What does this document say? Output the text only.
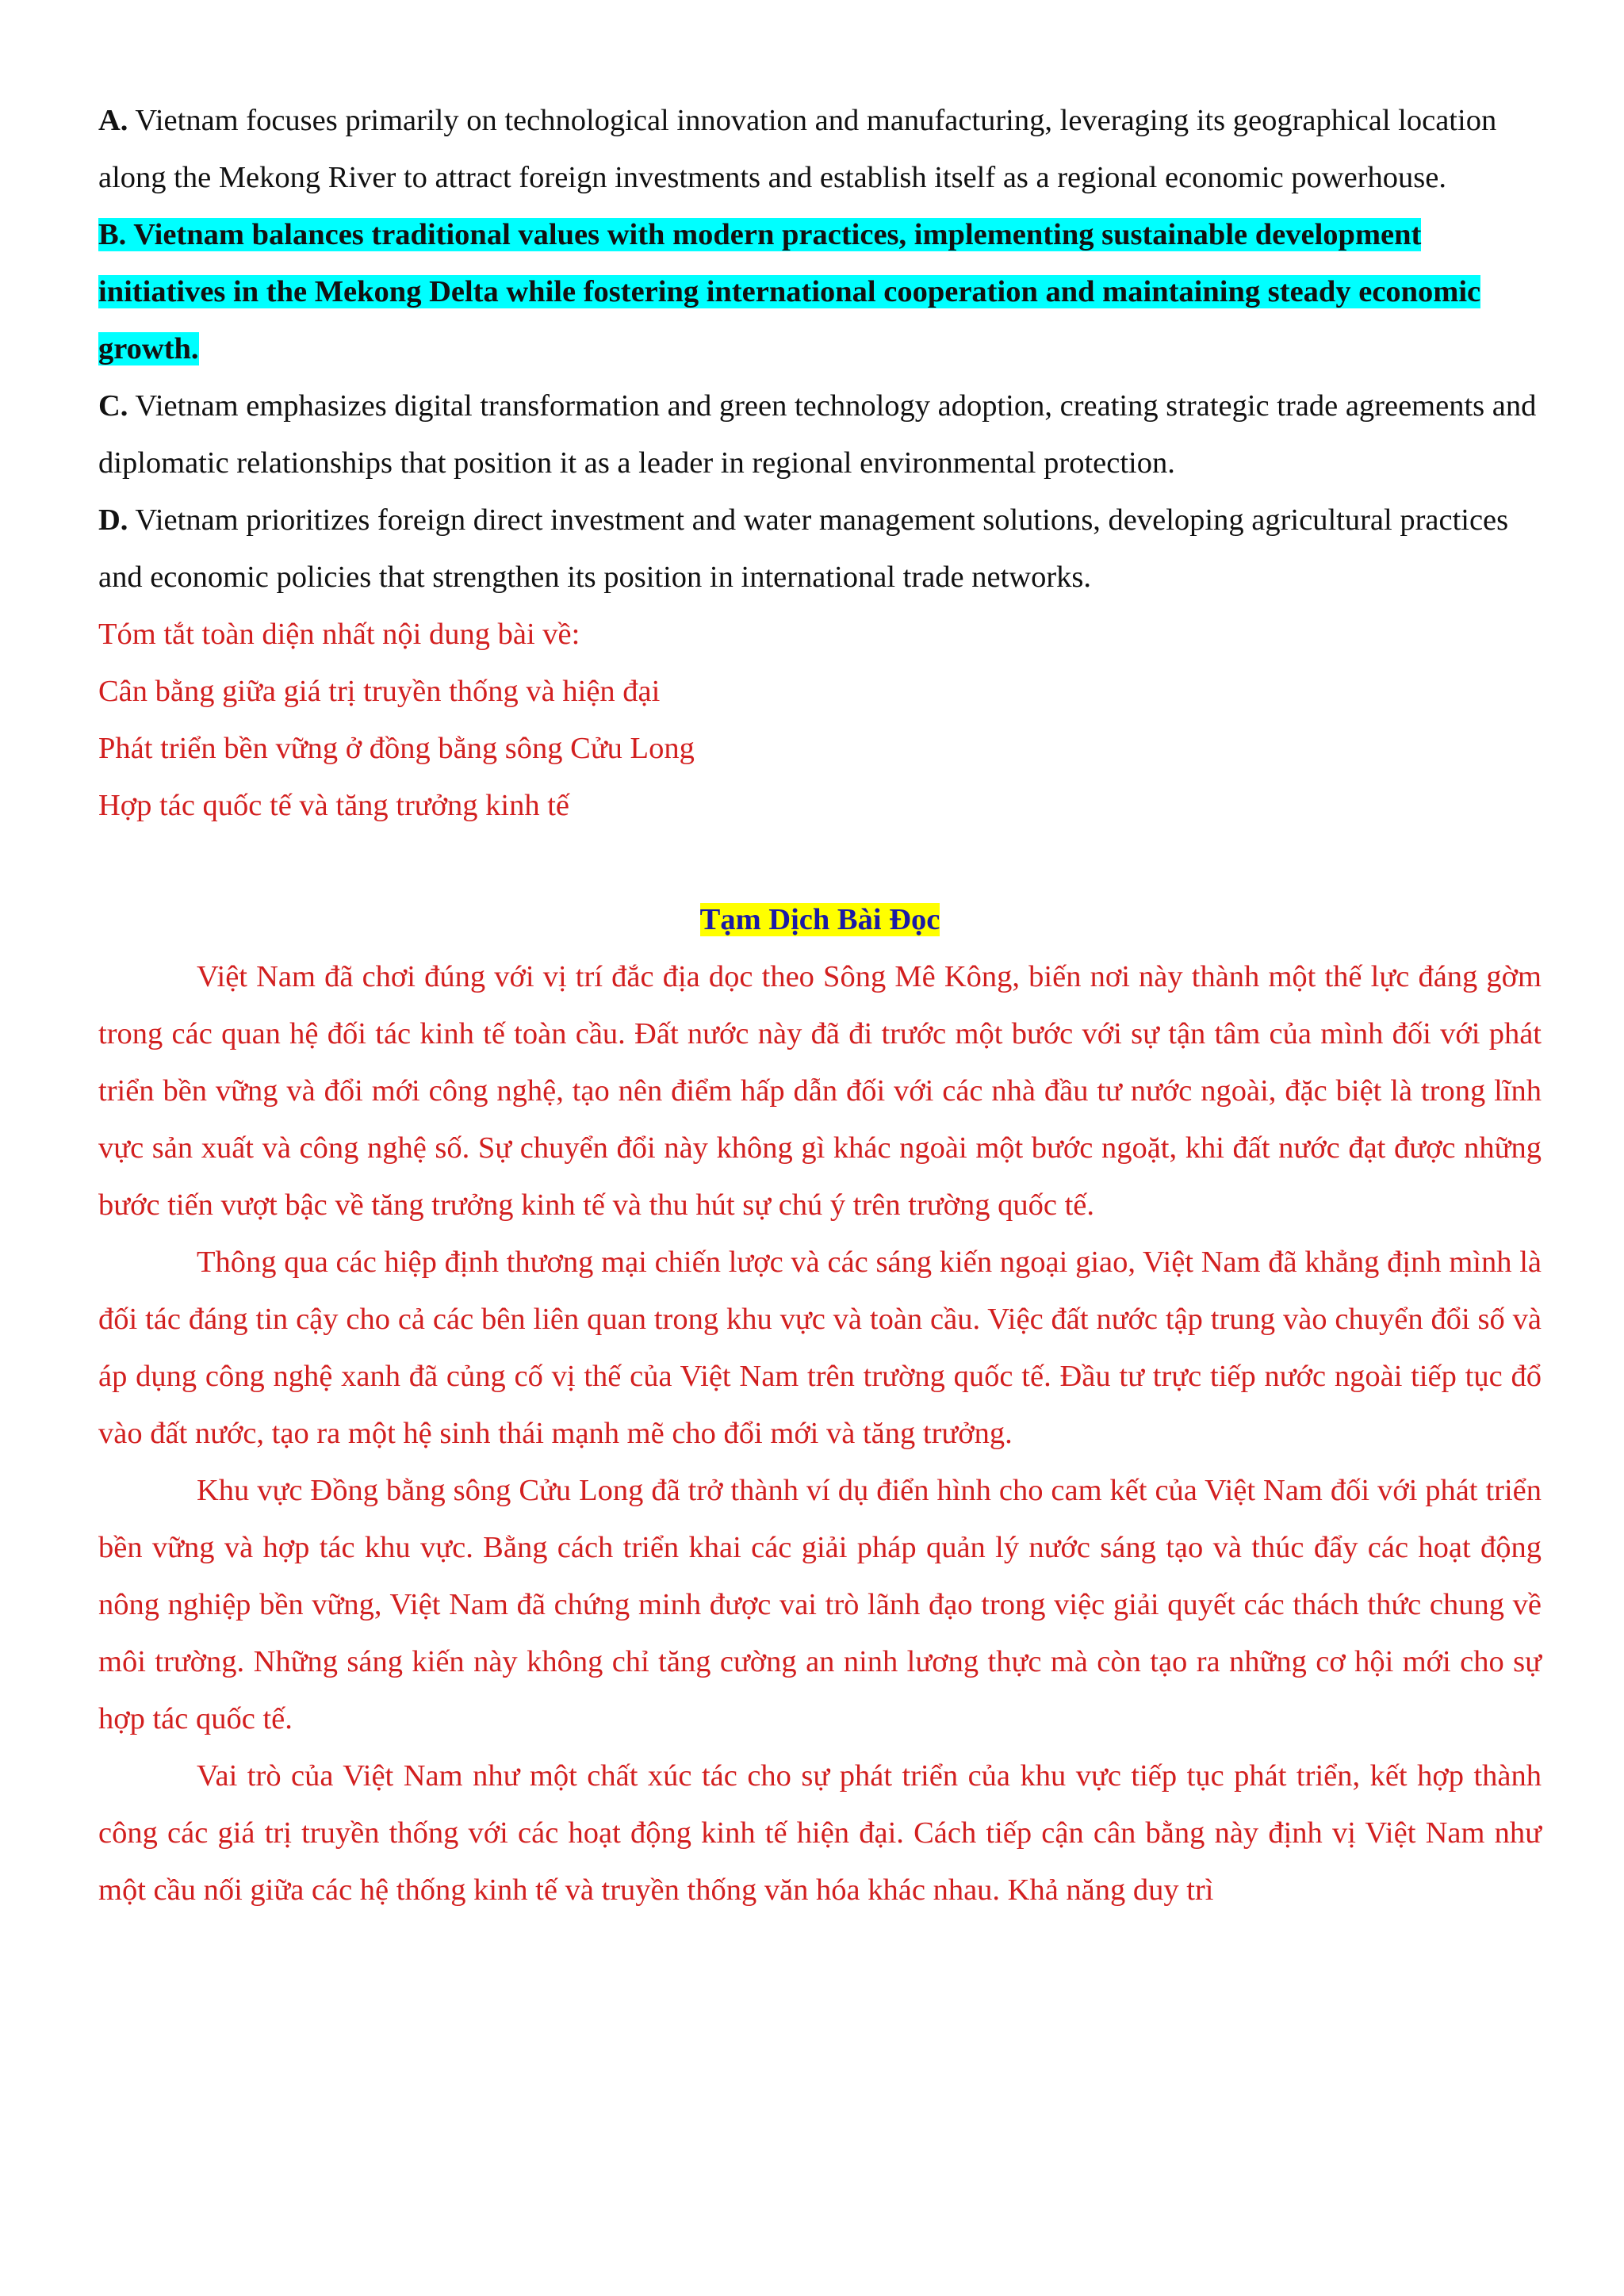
A. Vietnam focuses primarily on technological innovation and manufacturing, leveraging its geographical location along the Mekong River to attract foreign investments and establish itself as a regional economic powerhouse.

B. Vietnam balances traditional values with modern practices, implementing sustainable development initiatives in the Mekong Delta while fostering international cooperation and maintaining steady economic growth.

C. Vietnam emphasizes digital transformation and green technology adoption, creating strategic trade agreements and diplomatic relationships that position it as a leader in regional environmental protection.

D. Vietnam prioritizes foreign direct investment and water management solutions, developing agricultural practices and economic policies that strengthen its position in international trade networks.

Tóm tắt toàn diện nhất nội dung bài về:

Cân bằng giữa giá trị truyền thống và hiện đại

Phát triển bền vững ở đồng bằng sông Cửu Long

Hợp tác quốc tế và tăng trưởng kinh tế

Tạm Dịch Bài Đọc

Việt Nam đã chơi đúng với vị trí đắc địa dọc theo Sông Mê Kông, biến nơi này thành một thế lực đáng gờm trong các quan hệ đối tác kinh tế toàn cầu. Đất nước này đã đi trước một bước với sự tận tâm của mình đối với phát triển bền vững và đổi mới công nghệ, tạo nên điểm hấp dẫn đối với các nhà đầu tư nước ngoài, đặc biệt là trong lĩnh vực sản xuất và công nghệ số. Sự chuyển đổi này không gì khác ngoài một bước ngoặt, khi đất nước đạt được những bước tiến vượt bậc về tăng trưởng kinh tế và thu hút sự chú ý trên trường quốc tế.

Thông qua các hiệp định thương mại chiến lược và các sáng kiến ngoại giao, Việt Nam đã khẳng định mình là đối tác đáng tin cậy cho cả các bên liên quan trong khu vực và toàn cầu. Việc đất nước tập trung vào chuyển đổi số và áp dụng công nghệ xanh đã củng cố vị thế của Việt Nam trên trường quốc tế. Đầu tư trực tiếp nước ngoài tiếp tục đổ vào đất nước, tạo ra một hệ sinh thái mạnh mẽ cho đổi mới và tăng trưởng.

Khu vực Đồng bằng sông Cửu Long đã trở thành ví dụ điển hình cho cam kết của Việt Nam đối với phát triển bền vững và hợp tác khu vực. Bằng cách triển khai các giải pháp quản lý nước sáng tạo và thúc đẩy các hoạt động nông nghiệp bền vững, Việt Nam đã chứng minh được vai trò lãnh đạo trong việc giải quyết các thách thức chung về môi trường. Những sáng kiến này không chỉ tăng cường an ninh lương thực mà còn tạo ra những cơ hội mới cho sự hợp tác quốc tế.

Vai trò của Việt Nam như một chất xúc tác cho sự phát triển của khu vực tiếp tục phát triển, kết hợp thành công các giá trị truyền thống với các hoạt động kinh tế hiện đại. Cách tiếp cận cân bằng này định vị Việt Nam như một cầu nối giữa các hệ thống kinh tế và truyền thống văn hóa khác nhau. Khả năng duy trì
